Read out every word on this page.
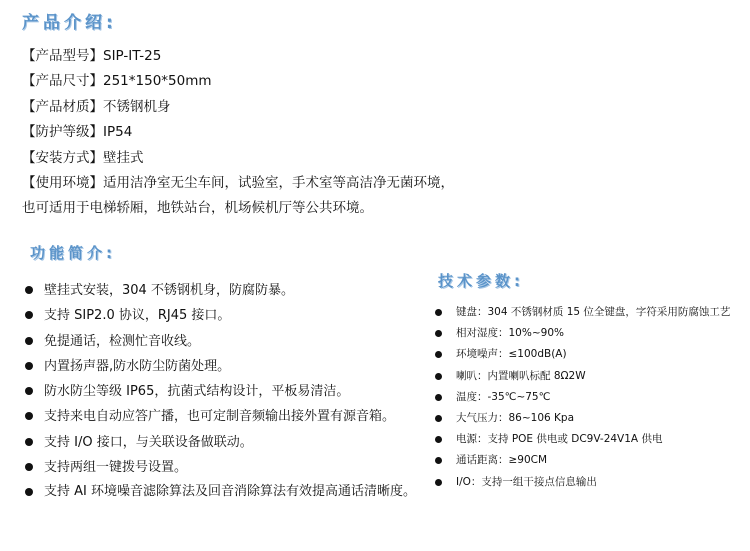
产品介绍:
【产品型号】SIP-IT-25
【产品尺寸】251*150*50mm
【产品材质】不锈钢机身
【防护等级】IP54
【安装方式】壁挂式
【使用环境】适用洁净室无尘车间，试验室，手术室等高洁净无菌环境，也可适用于电梯轿厢，地铁站台，机场候机厅等公共环境。
功能简介:
壁挂式安装，304 不锈钢机身，防腐防暴。
支持 SIP2.0 协议，RJ45 接口。
免提通话，检测忙音收线。
内置扬声器,防水防尘防菌处理。
防水防尘等级 IP65，抗菌式结构设计，平板易清洁。
支持来电自动应答广播，也可定制音频输出接外置有源音箱。
支持 I/O 接口，与关联设备做联动。
支持两组一键拨号设置。
支持 AI 环境噪音滤除算法及回音消除算法有效提高通话清晰度。
技术参数:
键盘：304 不锈钢材质 15 位全键盘，字符采用防腐蚀工艺
相对湿度：10%~90%
环境噪声：≤100dB(A)
喇叭：内置喇叭标配 8Ω2W
温度：-35℃~75℃
大气压力：86~106 Kpa
电源：支持 POE 供电或 DC9V-24V1A 供电
通话距离：≥90CM
I/O：支持一组干接点信息输出
